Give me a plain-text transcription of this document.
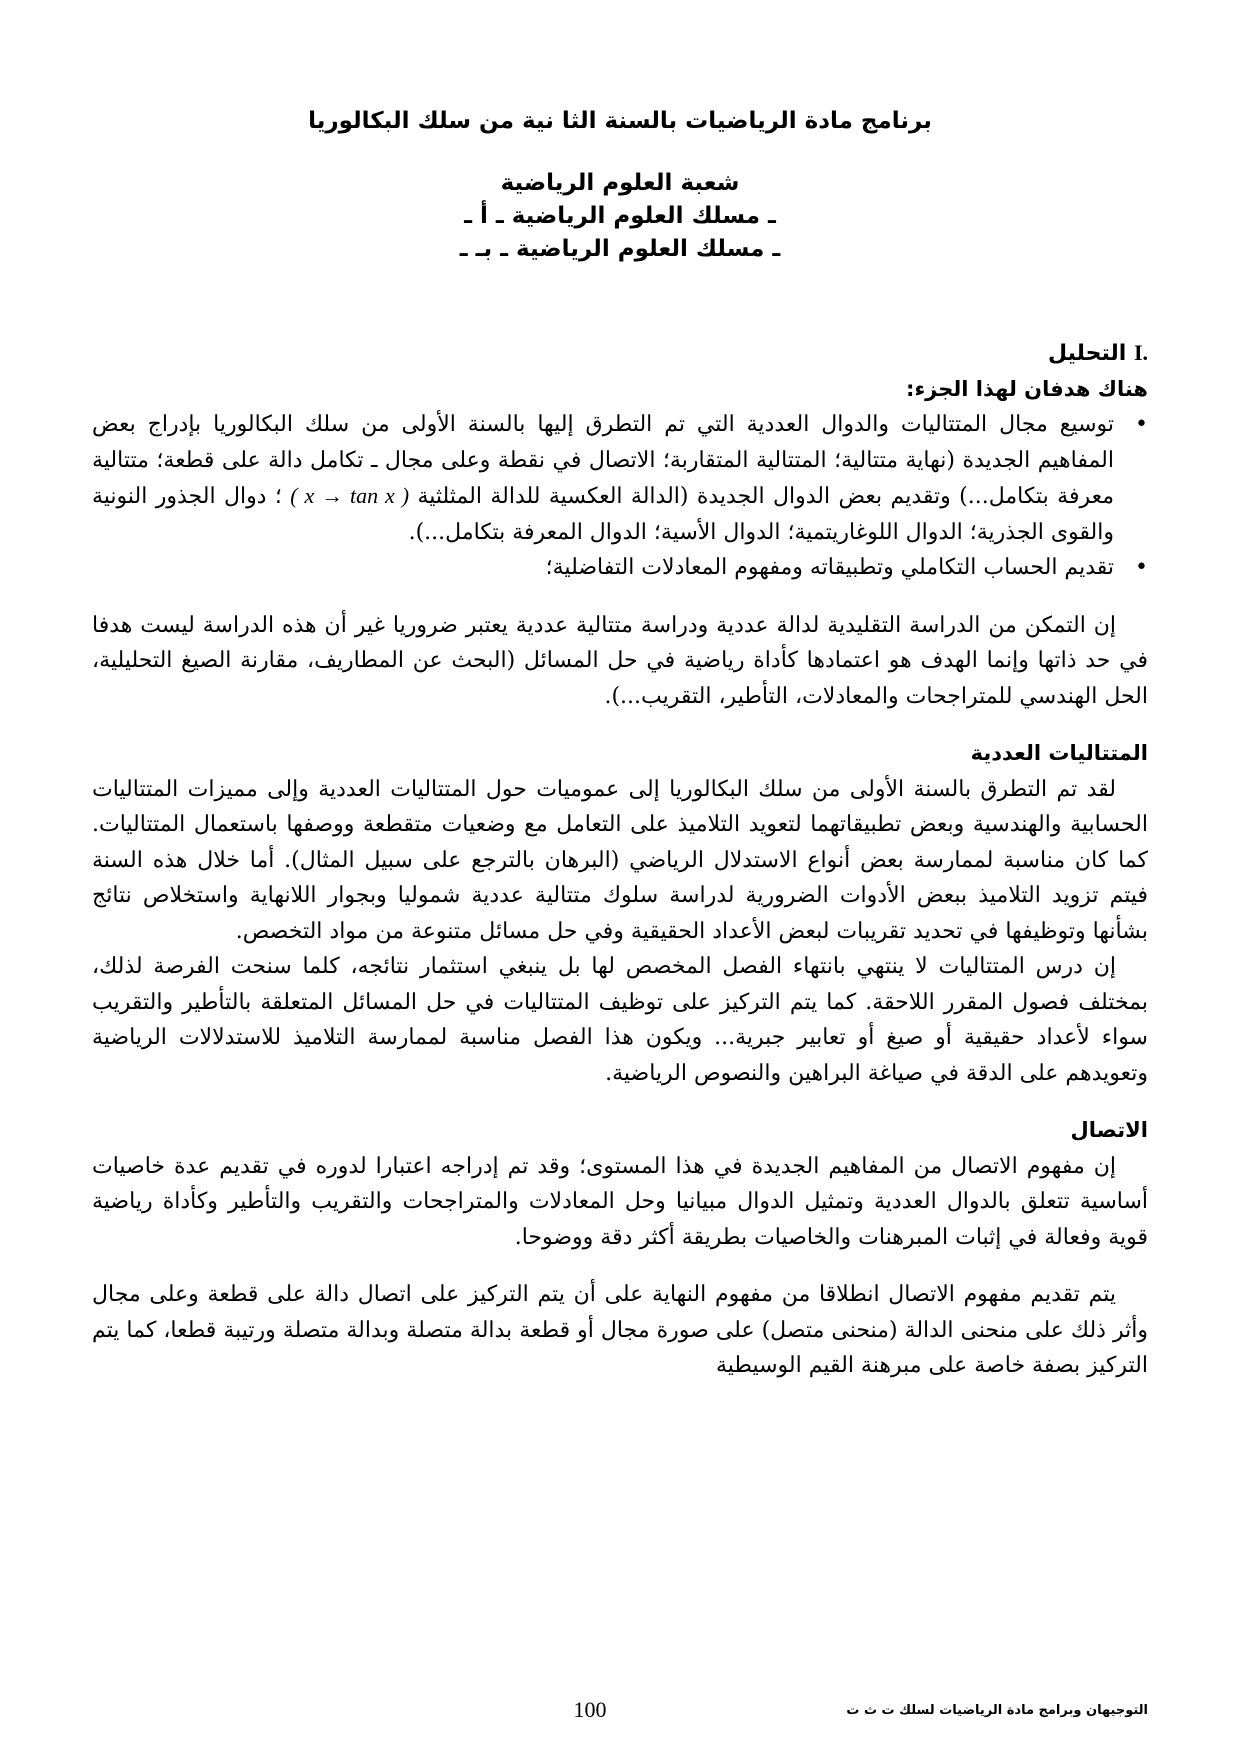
برنامج مادة الرياضيات بالسنة الثا نية من سلك البكالوريا
شعبة العلوم الرياضية
ـ مسلك العلوم الرياضية ـ أ ـ
ـ مسلك العلوم الرياضية ـ بـ ـ
I. التحليل
هناك هدفان لهذا الجزء:
•
توسيع مجال المتتاليات والدوال العددية التي تم التطرق إليها بالسنة الأولى من سلك البكالوريا بإدراج بعض المفاهيم الجديدة (نهاية متتالية؛ المتتالية المتقاربة؛ الاتصال في نقطة وعلى مجال ـ تكامل دالة على قطعة؛ متتالية معرفة بتكامل...) وتقديم بعض الدوال الجديدة (الدالة العكسية للدالة المثلثية ( x → tan x ) ؛ دوال الجذور النونية والقوى الجذرية؛ الدوال اللوغاريتمية؛ الدوال الأسية؛ الدوال المعرفة بتكامل...).
•
تقديم الحساب التكاملي وتطبيقاته ومفهوم المعادلات التفاضلية؛

إن التمكن من الدراسة التقليدية لدالة عددية ودراسة متتالية عددية يعتبر ضروريا غير أن هذه الدراسة ليست هدفا في حد ذاتها وإنما الهدف هو اعتمادها كأداة رياضية في حل المسائل (البحث عن المطاريف، مقارنة الصيغ التحليلية، الحل الهندسي للمتراجحات والمعادلات، التأطير، التقريب...).

المتتاليات العددية

لقد تم التطرق بالسنة الأولى من سلك البكالوريا إلى عموميات حول المتتاليات العددية وإلى مميزات المتتاليات الحسابية والهندسية وبعض تطبيقاتهما لتعويد التلاميذ على التعامل مع وضعيات متقطعة ووصفها باستعمال المتتاليات. كما كان مناسبة لممارسة بعض أنواع الاستدلال الرياضي (البرهان بالترجع على سبيل المثال). أما خلال هذه السنة فيتم تزويد التلاميذ ببعض الأدوات الضرورية لدراسة سلوك متتالية عددية شموليا وبجوار اللانهاية واستخلاص نتائج بشأنها وتوظيفها في تحديد تقريبات لبعض الأعداد الحقيقية وفي حل مسائل متنوعة من مواد التخصص.

إن درس المتتاليات لا ينتهي بانتهاء الفصل المخصص لها بل ينبغي استثمار نتائجه، كلما سنحت الفرصة لذلك، بمختلف فصول المقرر اللاحقة. كما يتم التركيز على توظيف المتتاليات في حل المسائل المتعلقة بالتأطير والتقريب سواء لأعداد حقيقية أو صيغ أو تعابير جبرية... ويكون هذا الفصل مناسبة لممارسة التلاميذ للاستدلالات الرياضية وتعويدهم على الدقة في صياغة البراهين والنصوص الرياضية.

الاتصال

إن مفهوم الاتصال من المفاهيم الجديدة في هذا المستوى؛ وقد تم إدراجه اعتبارا لدوره في تقديم عدة خاصيات أساسية تتعلق بالدوال العددية وتمثيل الدوال مبيانيا وحل المعادلات والمتراجحات والتقريب والتأطير وكأداة رياضية قوية وفعالة في إثبات المبرهنات والخاصيات بطريقة أكثر دقة ووضوحا.

يتم تقديم مفهوم الاتصال انطلاقا من مفهوم النهاية على أن يتم التركيز على اتصال دالة على قطعة وعلى مجال وأثر ذلك على منحنى الدالة (منحنى متصل) على صورة مجال أو قطعة بدالة متصلة وبدالة متصلة ورتيبة قطعا، كما يتم التركيز بصفة خاصة على مبرهنة القيم الوسيطية

100	التوجيهان وبرامج مادة الرياضيات لسلك ت ث ت
